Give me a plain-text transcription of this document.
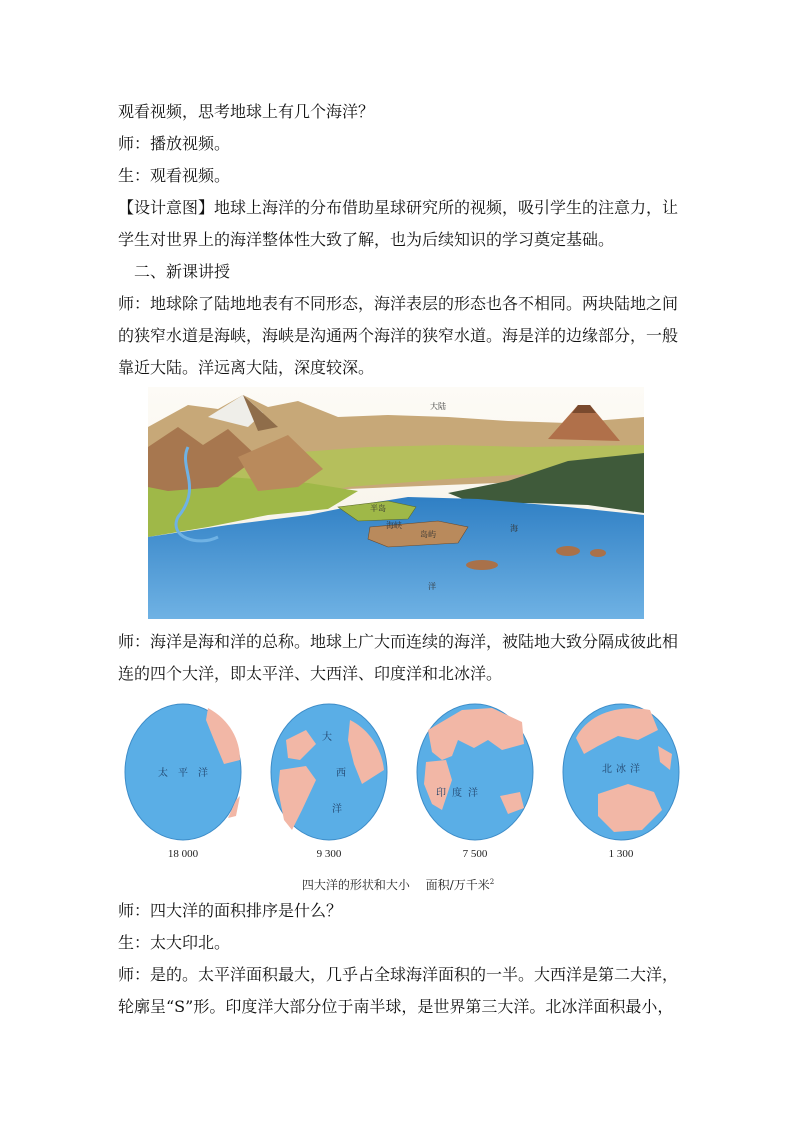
观看视频，思考地球上有几个海洋？

师：播放视频。

生：观看视频。

【设计意图】地球上海洋的分布借助星球研究所的视频，吸引学生的注意力，让学生对世界上的海洋整体性大致了解，也为后续知识的学习奠定基础。

二、新课讲授

师：地球除了陆地地表有不同形态，海洋表层的形态也各不相同。两块陆地之间的狭窄水道是海峡，海峡是沟通两个海洋的狭窄水道。海是洋的边缘部分，一般靠近大陆。洋远离大陆，深度较深。

大陆
半岛
海峡
岛屿
海
洋

师：海洋是海和洋的总称。地球上广大而连续的海洋，被陆地大致分隔成彼此相连的四个大洋，即太平洋、大西洋、印度洋和北冰洋。

太平洋
18 000
大
西
洋
9 300
印度洋
7 500
北冰洋
1 300
四大洋的形状和大小 面积/万千米$^2$

师：四大洋的面积排序是什么？

生：太大印北。

师：是的。太平洋面积最大，几乎占全球海洋面积的一半。大西洋是第二大洋，轮廓呈“S”形。印度洋大部分位于南半球，是世界第三大洋。北冰洋面积最小，
